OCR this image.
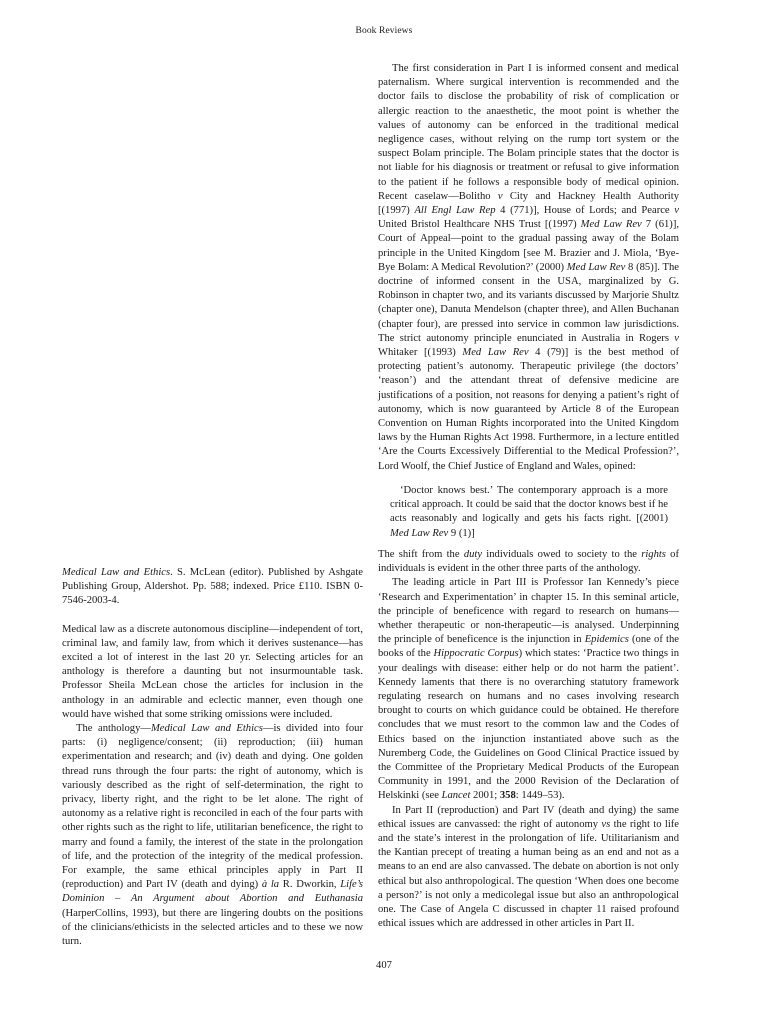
Book Reviews

The first consideration in Part I is informed consent and medical paternalism. Where surgical intervention is recommended and the doctor fails to disclose the probability of risk of complication or allergic reaction to the anaesthetic, the moot point is whether the values of autonomy can be enforced in the traditional medical negligence cases, without relying on the rump tort system or the suspect Bolam principle. The Bolam principle states that the doctor is not liable for his diagnosis or treatment or refusal to give information to the patient if he follows a responsible body of medical opinion. Recent caselaw—Bolitho v City and Hackney Health Authority [(1997) All Engl Law Rep 4 (771)], House of Lords; and Pearce v United Bristol Healthcare NHS Trust [(1997) Med Law Rev 7 (61)], Court of Appeal—point to the gradual passing away of the Bolam principle in the United Kingdom [see M. Brazier and J. Miola, ‘Bye-Bye Bolam: A Medical Revolution?’ (2000) Med Law Rev 8 (85)]. The doctrine of informed consent in the USA, marginalized by G. Robinson in chapter two, and its variants discussed by Marjorie Shultz (chapter one), Danuta Mendelson (chapter three), and Allen Buchanan (chapter four), are pressed into service in common law jurisdictions. The strict autonomy principle enunciated in Australia in Rogers v Whitaker [(1993) Med Law Rev 4 (79)] is the best method of protecting patient’s autonomy. Therapeutic privilege (the doctors’ ‘reason’) and the attendant threat of defensive medicine are justifications of a position, not reasons for denying a patient’s right of autonomy, which is now guaranteed by Article 8 of the European Convention on Human Rights incorporated into the United Kingdom laws by the Human Rights Act 1998. Furthermore, in a lecture entitled ‘Are the Courts Excessively Differential to the Medical Profession?’, Lord Woolf, the Chief Justice of England and Wales, opined:

‘Doctor knows best.’ The contemporary approach is a more critical approach. It could be said that the doctor knows best if he acts reasonably and logically and gets his facts right. [(2001) Med Law Rev 9 (1)]

The shift from the duty individuals owed to society to the rights of individuals is evident in the other three parts of the anthology.

The leading article in Part III is Professor Ian Kennedy’s piece ‘Research and Experimentation’ in chapter 15. In this seminal article, the principle of beneficence with regard to research on humans—whether therapeutic or non-therapeutic—is analysed. Underpinning the principle of beneficence is the injunction in Epidemics (one of the books of the Hippocratic Corpus) which states: ‘Practice two things in your dealings with disease: either help or do not harm the patient’. Kennedy laments that there is no overarching statutory framework regulating research on humans and no cases involving research brought to courts on which guidance could be obtained. He therefore concludes that we must resort to the common law and the Codes of Ethics based on the injunction instantiated above such as the Nuremberg Code, the Guidelines on Good Clinical Practice issued by the Committee of the Proprietary Medical Products of the European Community in 1991, and the 2000 Revision of the Declaration of Helskinki (see Lancet 2001; 358: 1449–53).

In Part II (reproduction) and Part IV (death and dying) the same ethical issues are canvassed: the right of autonomy vs the right to life and the state’s interest in the prolongation of life. Utilitarianism and the Kantian precept of treating a human being as an end and not as a means to an end are also canvassed. The debate on abortion is not only ethical but also anthropological. The question ‘When does one become a person?’ is not only a medicolegal issue but also an anthropological one. The Case of Angela C discussed in chapter 11 raised profound ethical issues which are addressed in other articles in Part II.

Medical Law and Ethics. S. McLean (editor). Published by Ashgate Publishing Group, Aldershot. Pp. 588; indexed. Price £110. ISBN 0-7546-2003-4.

Medical law as a discrete autonomous discipline—independent of tort, criminal law, and family law, from which it derives sustenance—has excited a lot of interest in the last 20 yr. Selecting articles for an anthology is therefore a daunting but not insurmountable task. Professor Sheila McLean chose the articles for inclusion in the anthology in an admirable and eclectic manner, even though one would have wished that some striking omissions were included.

The anthology—Medical Law and Ethics—is divided into four parts: (i) negligence/consent; (ii) reproduction; (iii) human experimentation and research; and (iv) death and dying. One golden thread runs through the four parts: the right of autonomy, which is variously described as the right of self-determination, the right to privacy, liberty right, and the right to be let alone. The right of autonomy as a relative right is reconciled in each of the four parts with other rights such as the right to life, utilitarian beneficence, the right to marry and found a family, the interest of the state in the prolongation of life, and the protection of the integrity of the medical profession. For example, the same ethical principles apply in Part II (reproduction) and Part IV (death and dying) à la R. Dworkin, Life’s Dominion – An Argument about Abortion and Euthanasia (HarperCollins, 1993), but there are lingering doubts on the positions of the clinicians/ethicists in the selected articles and to these we now turn.

407
